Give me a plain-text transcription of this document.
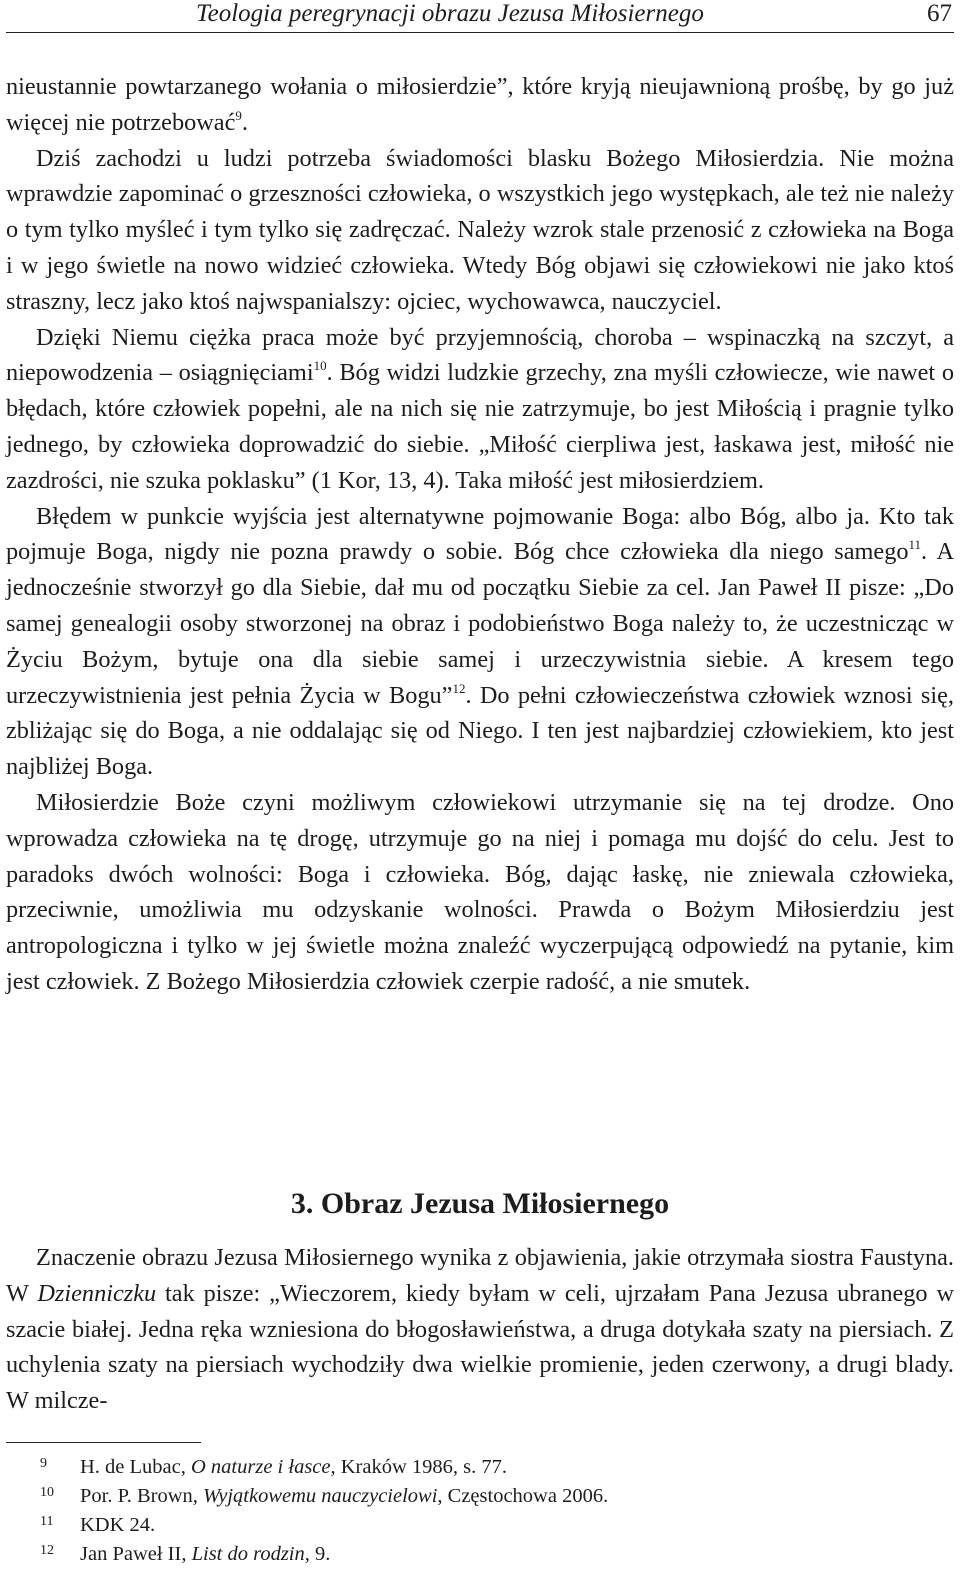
Teologia peregrynacji obrazu Jezusa Miłosiernego	67

nieustannie powtarzanego wołania o miłosierdzie”, które kryją nieujawnioną prośbę, by go już więcej nie potrzebować$^9$.

Dziś zachodzi u ludzi potrzeba świadomości blasku Bożego Miłosierdzia. Nie można wprawdzie zapominać o grzeszności człowieka, o wszystkich jego występkach, ale też nie należy o tym tylko myśleć i tym tylko się zadręczać. Należy wzrok stale przenosić z człowieka na Boga i w jego świetle na nowo widzieć człowieka. Wtedy Bóg objawi się człowiekowi nie jako ktoś straszny, lecz jako ktoś najwspanialszy: ojciec, wychowawca, nauczyciel.

Dzięki Niemu ciężka praca może być przyjemnością, choroba – wspinaczką na szczyt, a niepowodzenia – osiągnięciami$^{10}$. Bóg widzi ludzkie grzechy, zna myśli człowiecze, wie nawet o błędach, które człowiek popełni, ale na nich się nie zatrzymuje, bo jest Miłością i pragnie tylko jednego, by człowieka doprowadzić do siebie. „Miłość cierpliwa jest, łaskawa jest, miłość nie zazdrości, nie szuka poklasku” (1 Kor, 13, 4). Taka miłość jest miłosierdziem.

Błędem w punkcie wyjścia jest alternatywne pojmowanie Boga: albo Bóg, albo ja. Kto tak pojmuje Boga, nigdy nie pozna prawdy o sobie. Bóg chce człowieka dla niego samego$^{11}$. A jednocześnie stworzył go dla Siebie, dał mu od początku Siebie za cel. Jan Paweł II pisze: „Do samej genealogii osoby stworzonej na obraz i podobieństwo Boga należy to, że uczestnicząc w Życiu Bożym, bytuje ona dla siebie samej i urzeczywistnia siebie. A kresem tego urzeczywistnienia jest pełnia Życia w Bogu”$^{12}$. Do pełni człowieczeństwa człowiek wznosi się, zbliżając się do Boga, a nie oddalając się od Niego. I ten jest najbardziej człowiekiem, kto jest najbliżej Boga.

Miłosierdzie Boże czyni możliwym człowiekowi utrzymanie się na tej drodze. Ono wprowadza człowieka na tę drogę, utrzymuje go na niej i pomaga mu dojść do celu. Jest to paradoks dwóch wolności: Boga i człowieka. Bóg, dając łaskę, nie zniewala człowieka, przeciwnie, umożliwia mu odzyskanie wolności. Prawda o Bożym Miłosierdziu jest antropologiczna i tylko w jej świetle można znaleźć wyczerpującą odpowiedź na pytanie, kim jest człowiek. Z Bożego Miłosierdzia człowiek czerpie radość, a nie smutek.

3. Obraz Jezusa Miłosiernego

Znaczenie obrazu Jezusa Miłosiernego wynika z objawienia, jakie otrzymała siostra Faustyna. W Dzienniczku tak pisze: „Wieczorem, kiedy byłam w celi, ujrzałam Pana Jezusa ubranego w szacie białej. Jedna ręka wzniesiona do błogosławieństwa, a druga dotykała szaty na piersiach. Z uchylenia szaty na piersiach wychodziły dwa wielkie promienie, jeden czerwony, a drugi blady. W milcze-

9 H. de Lubac, O naturze i łasce, Kraków 1986, s. 77.
10 Por. P. Brown, Wyjątkowemu nauczycielowi, Częstochowa 2006.
11 KDK 24.
12 Jan Paweł II, List do rodzin, 9.
